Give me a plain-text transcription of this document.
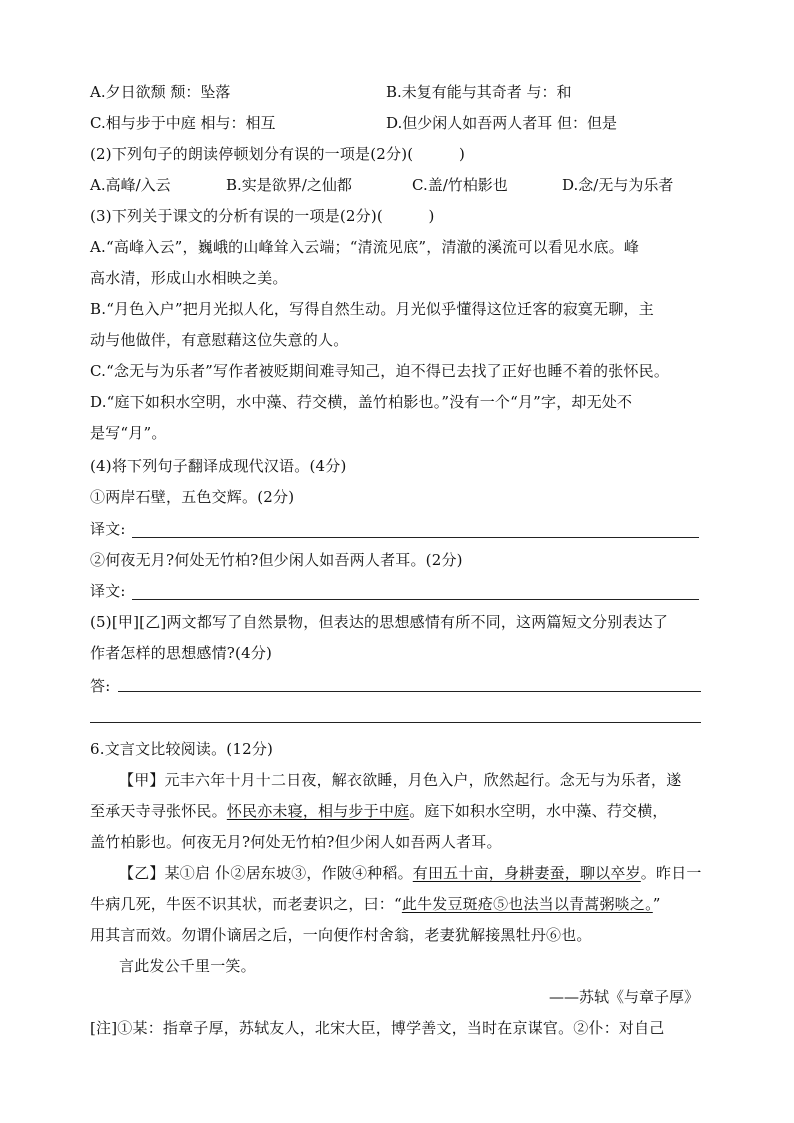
A.夕日欲颓 颓：坠落	B.未复有能与其奇者 与：和
C.相与步于中庭 相与：相互	D.但少闲人如吾两人者耳 但：但是
(2)下列句子的朗读停顿划分有误的一项是(2分)(　　　)
A.高峰/入云	B.实是欲界/之仙都	C.盖/竹柏影也	D.念/无与为乐者
(3)下列关于课文的分析有误的一项是(2分)(　　　)
A.“高峰入云”，巍峨的山峰耸入云端；“清流见底”，清澈的溪流可以看见水底。峰
高水清，形成山水相映之美。
B.“月色入户”把月光拟人化，写得自然生动。月光似乎懂得这位迁客的寂寞无聊，主
动与他做伴，有意慰藉这位失意的人。
C.“念无与为乐者”写作者被贬期间难寻知己，迫不得已去找了正好也睡不着的张怀民。
D.“庭下如积水空明，水中藻、荇交横，盖竹柏影也。”没有一个“月”字，却无处不
是写“月”。
(4)将下列句子翻译成现代汉语。(4分)
①两岸石壁，五色交辉。(2分)
译文:
②何夜无月?何处无竹柏?但少闲人如吾两人者耳。(2分)
译文:
(5)[甲][乙]两文都写了自然景物，但表达的思想感情有所不同，这两篇短文分别表达了
作者怎样的思想感情?(4分)
答:
6.文言文比较阅读。(12分)
【甲】元丰六年十月十二日夜，解衣欲睡，月色入户，欣然起行。念无与为乐者，遂
至承天寺寻张怀民。怀民亦未寝，相与步于中庭。庭下如积水空明，水中藻、荇交横，
盖竹柏影也。何夜无月?何处无竹柏?但少闲人如吾两人者耳。
【乙】某①启 仆②居东坡③，作陂④种稻。有田五十亩，身耕妻蚕，聊以卒岁。昨日一
牛病几死，牛医不识其状，而老妻识之，曰：“此牛发豆斑疮⑤也法当以青蒿粥啖之。”
用其言而效。勿谓仆谪居之后，一向便作村舍翁，老妻犹解接黑牡丹⑥也。
言此发公千里一笑。
——苏轼《与章子厚》
[注]①某：指章子厚，苏轼友人，北宋大臣，博学善文，当时在京谋官。②仆：对自己
